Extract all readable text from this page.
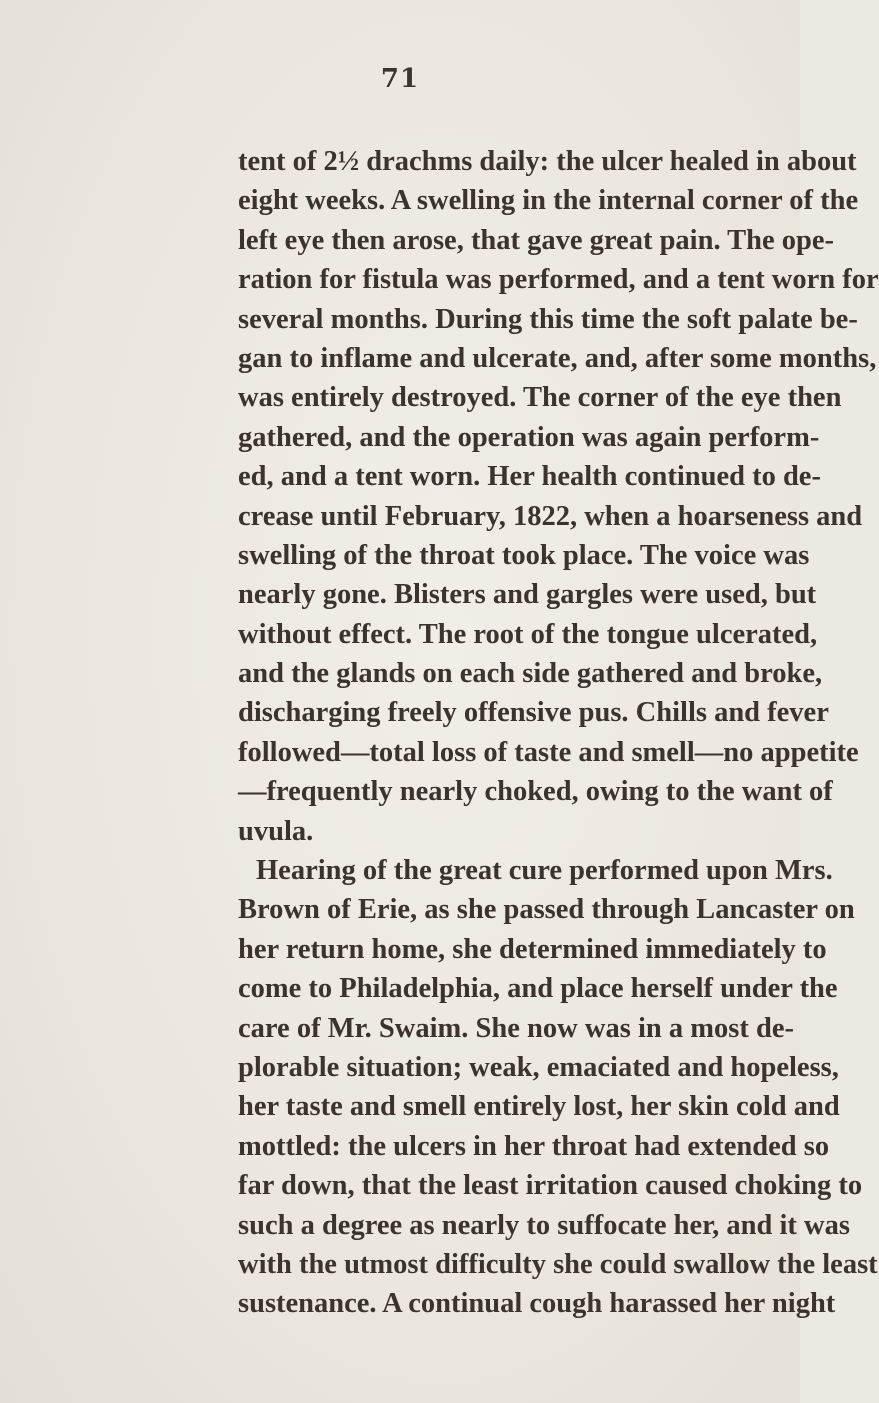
71
tent of 2½ drachms daily: the ulcer healed in about
eight weeks. A swelling in the internal corner of the
left eye then arose, that gave great pain. The ope-
ration for fistula was performed, and a tent worn for
several months. During this time the soft palate be-
gan to inflame and ulcerate, and, after some months,
was entirely destroyed. The corner of the eye then
gathered, and the operation was again perform-
ed, and a tent worn. Her health continued to de-
crease until February, 1822, when a hoarseness and
swelling of the throat took place. The voice was
nearly gone. Blisters and gargles were used, but
without effect. The root of the tongue ulcerated,
and the glands on each side gathered and broke,
discharging freely offensive pus. Chills and fever
followed—total loss of taste and smell—no appetite
—frequently nearly choked, owing to the want of
uvula.
Hearing of the great cure performed upon Mrs.
Brown of Erie, as she passed through Lancaster on
her return home, she determined immediately to
come to Philadelphia, and place herself under the
care of Mr. Swaim. She now was in a most de-
plorable situation; weak, emaciated and hopeless,
her taste and smell entirely lost, her skin cold and
mottled: the ulcers in her throat had extended so
far down, that the least irritation caused choking to
such a degree as nearly to suffocate her, and it was
with the utmost difficulty she could swallow the least
sustenance. A continual cough harassed her night
